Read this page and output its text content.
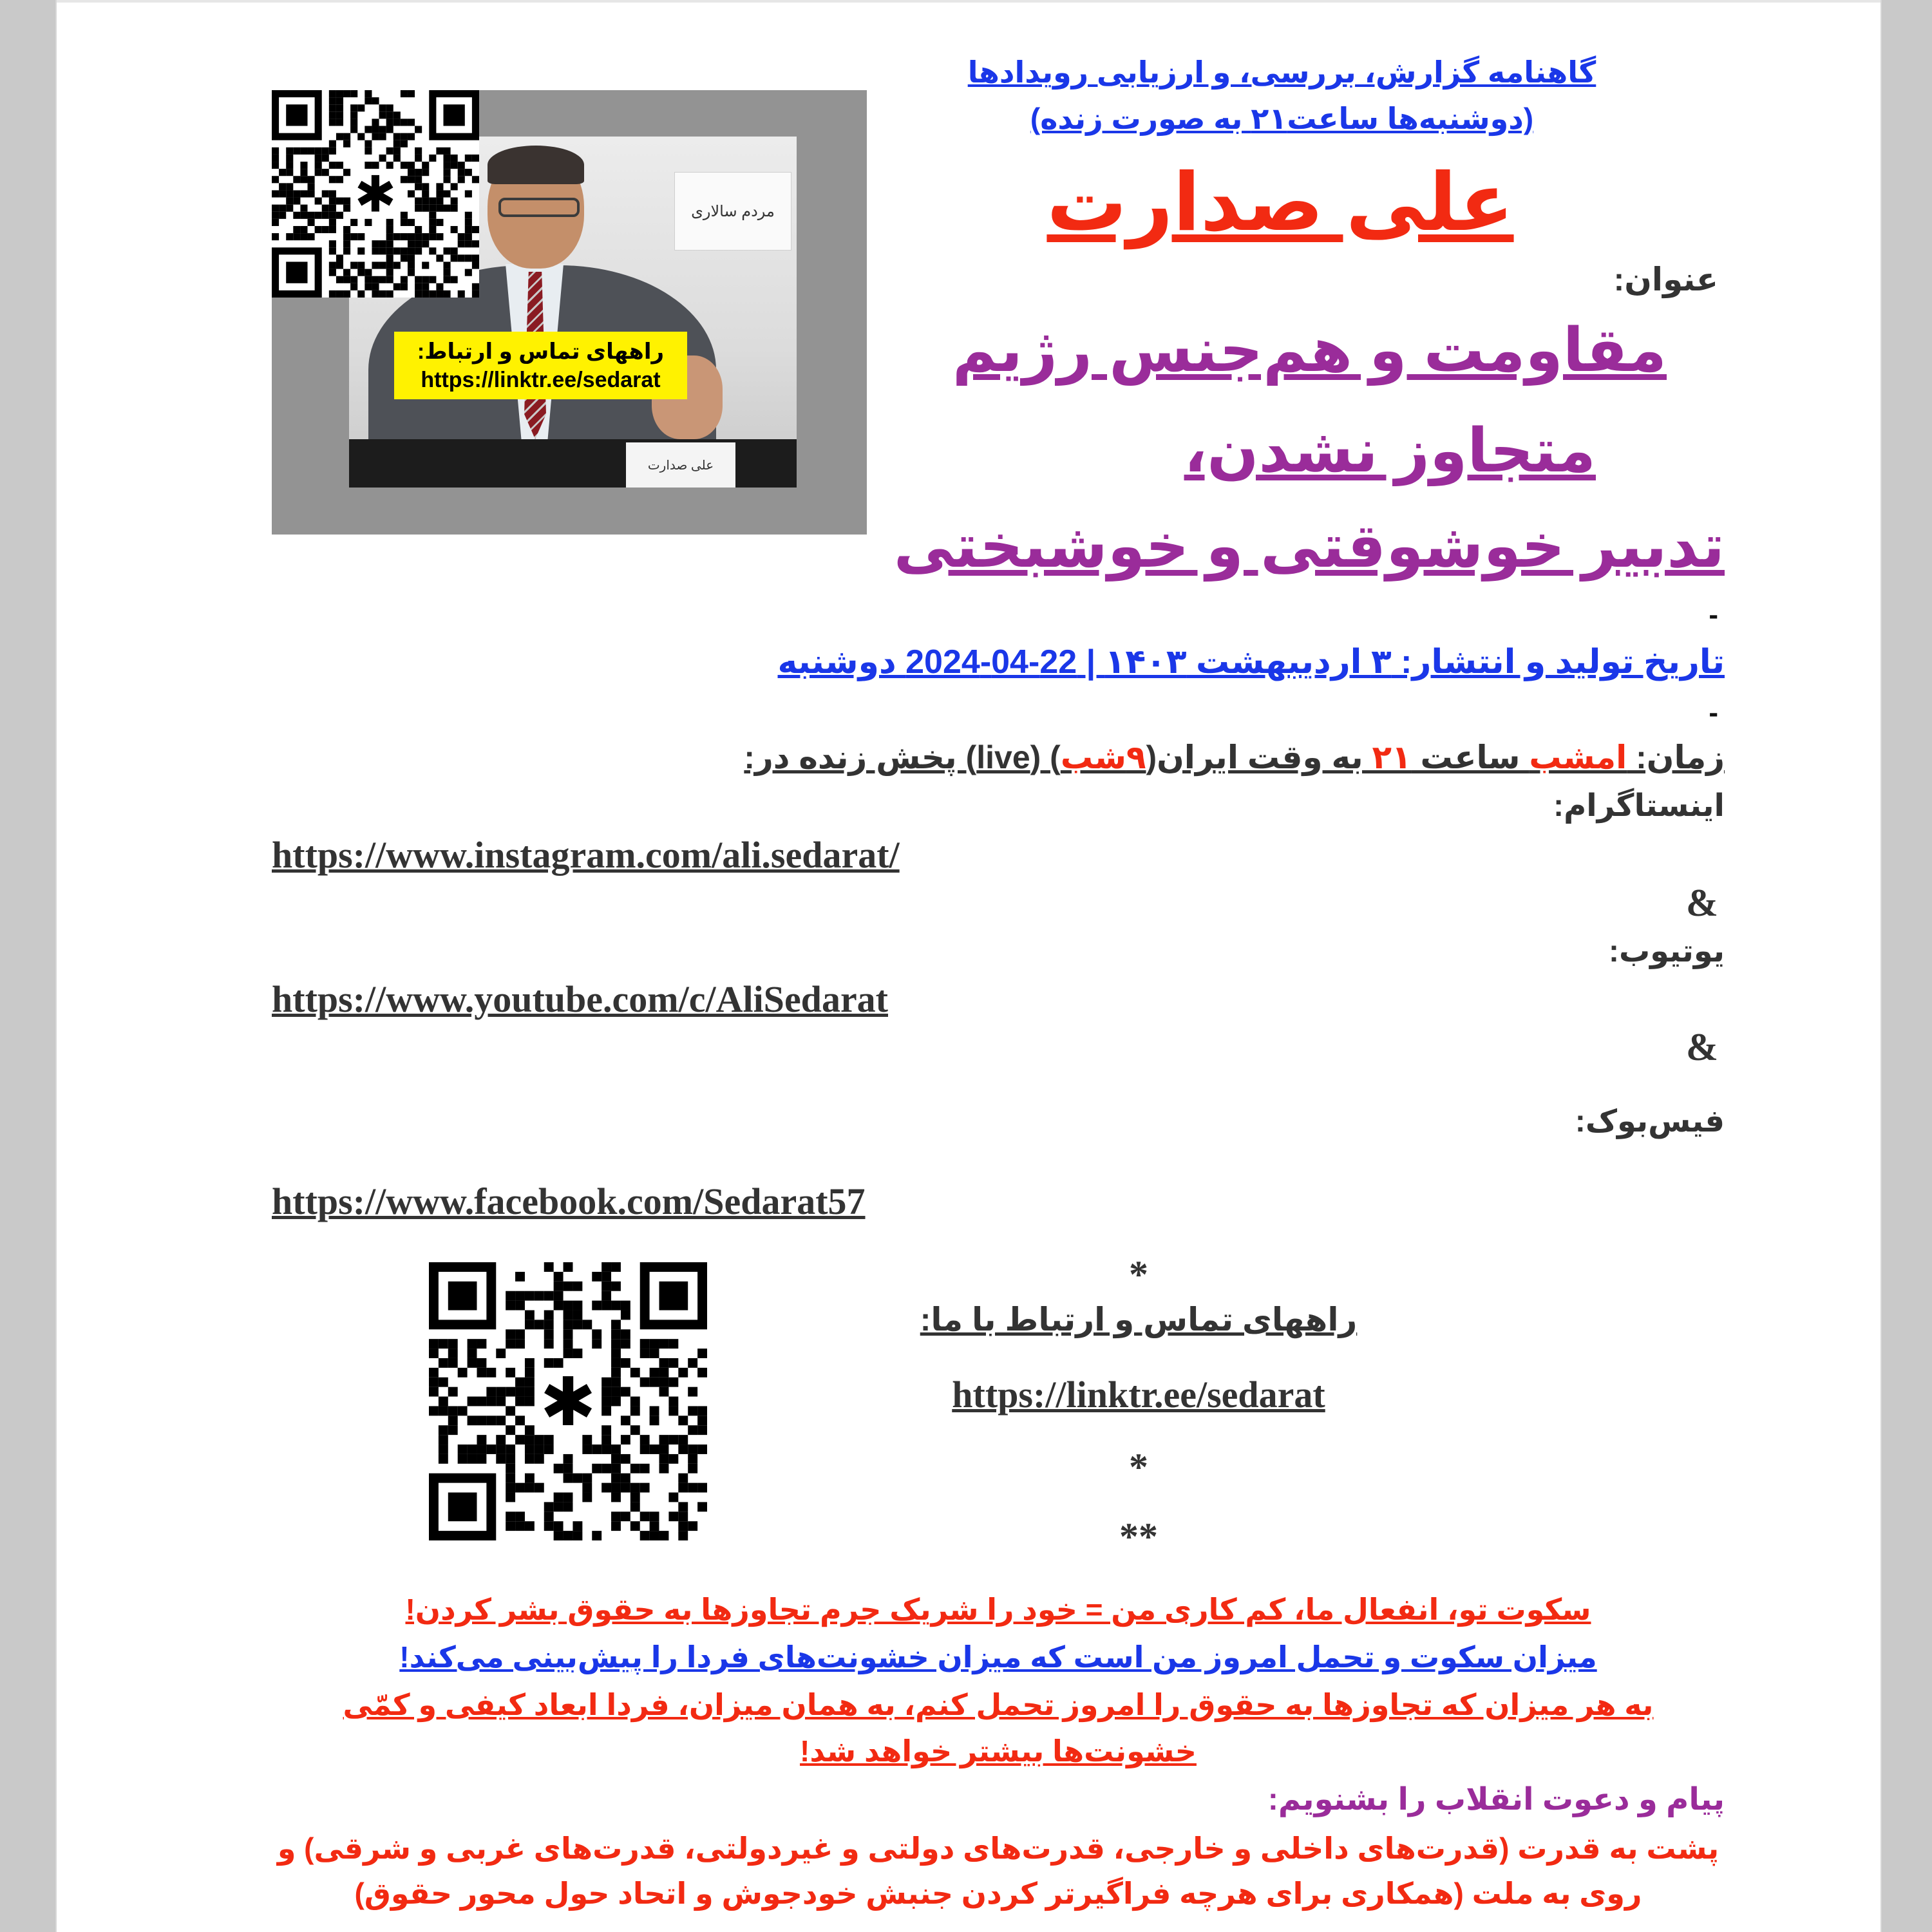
مردم سالاری
علی صدارت
✱
راههای تماس و ارتباط:
https://linktr.ee/sedarat
گاهنامه گزارش، بررسی، و ارزیابی رویدادها
(دوشنبه‌ها ساعت۲۱ به صورت زنده)
علی صدارت
عنوان:
مقاومت و هم‌جنس رژیم
متجاوز نشدن،
تدبیر خوشوقتی و خوشبختی
-
تاریخ تولید و انتشار: ۳ اردیبهشت ۱۴۰۳ | 22-04-2024 دوشنبه
-
زمان: امشب ساعت ۲۱ به وقت ایران(۹شب) (live) پخش زنده در:
اینستاگرام:
https://www.instagram.com/ali.sedarat/
&
یوتیوب:
https://www.youtube.com/c/AliSedarat
&
فیس‌بوک:
https://www.facebook.com/Sedarat57
✱
*
راههای تماس و ارتباط با ما:
https://linktr.ee/sedarat
*
**
سکوت تو، انفعال ما، کم کاری من = خود را شریک جرم تجاوزها به حقوق بشر کردن!
میزان سکوت و تحمل امروز من است که میزان خشونت‌های فردا را پیش‌بینی می‌کند!
به هر میزان که تجاوزها به حقوق را امروز تحمل کنم، به همان میزان، فردا ابعاد کیفی و کمّی
خشونت‌ها بیشتر خواهد شد!
پیام و دعوت انقلاب را بشنویم:
پشت به قدرت (قدرت‌های داخلی و خارجی، قدرت‌های دولتی و غیردولتی، قدرت‌های غربی و شرقی) و
روی به ملت (همکاری برای هرچه فراگیرتر کردن جنبش خودجوش و اتحاد حول محور حقوق)
